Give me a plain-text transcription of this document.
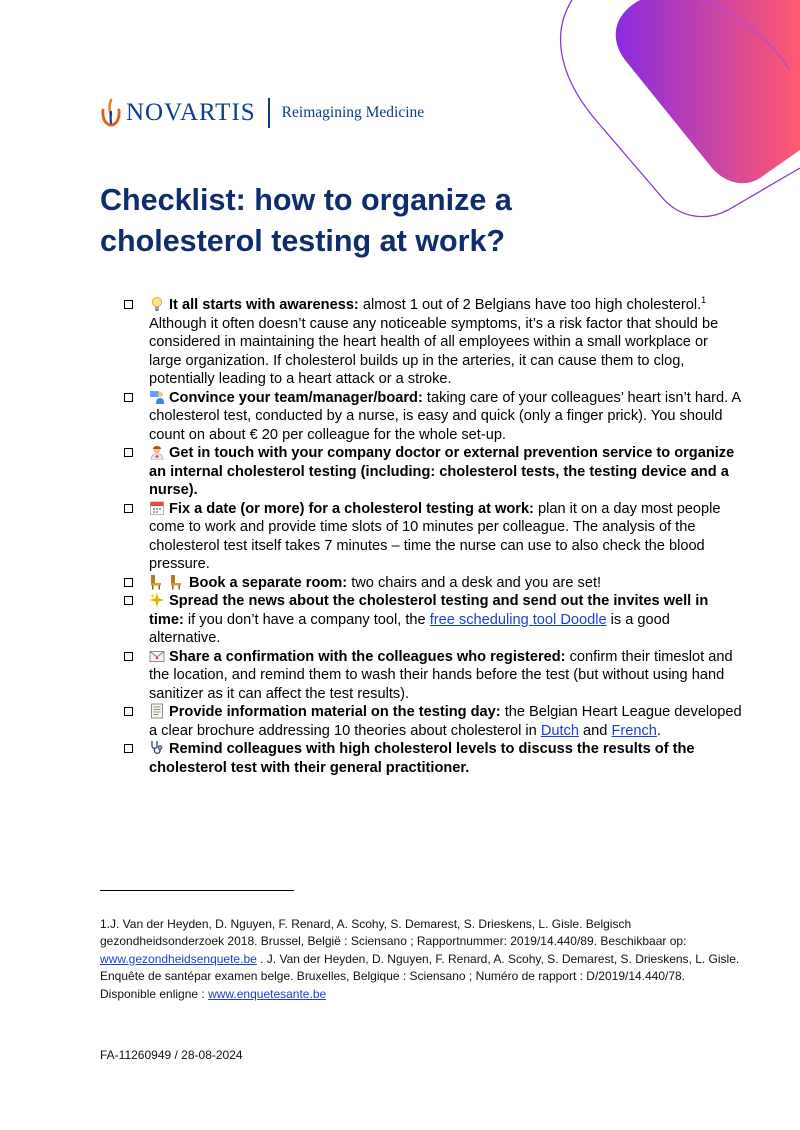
NOVARTIS Reimagining Medicine
Checklist: how to organize a cholesterol testing at work?
It all starts with awareness: almost 1 out of 2 Belgians have too high cholesterol.$^1$ Although it often doesn’t cause any noticeable symptoms, it’s a risk factor that should be considered in maintaining the heart health of all employees within a small workplace or large organization. If cholesterol builds up in the arteries, it can cause them to clog, potentially leading to a heart attack or a stroke.
Convince your team/manager/board: taking care of your colleagues’ heart isn’t hard. A cholesterol test, conducted by a nurse, is easy and quick (only a finger prick). You should count on about € 20 per colleague for the whole set-up.
Get in touch with your company doctor or external prevention service to organize an internal cholesterol testing (including: cholesterol tests, the testing device and a nurse).
Fix a date (or more) for a cholesterol testing at work: plan it on a day most people come to work and provide time slots of 10 minutes per colleague. The analysis of the cholesterol test itself takes 7 minutes – time the nurse can use to also check the blood pressure.
Book a separate room: two chairs and a desk and you are set!
Spread the news about the cholesterol testing and send out the invites well in time: if you don’t have a company tool, the free scheduling tool Doodle is a good alternative.
Share a confirmation with the colleagues who registered: confirm their timeslot and the location, and remind them to wash their hands before the test (but without using hand sanitizer as it can affect the test results).
Provide information material on the testing day: the Belgian Heart League developed a clear brochure addressing 10 theories about cholesterol in Dutch and French.
Remind colleagues with high cholesterol levels to discuss the results of the cholesterol test with their general practitioner.
1.J. Van der Heyden, D. Nguyen, F. Renard, A. Scohy, S. Demarest, S. Drieskens, L. Gisle. Belgisch gezondheidsonderzoek 2018. Brussel, België : Sciensano ; Rapportnummer: 2019/14.440/89. Beschikbaar op: www.gezondheidsenquete.be . J. Van der Heyden, D. Nguyen, F. Renard, A. Scohy, S. Demarest, S. Drieskens, L. Gisle. Enquête de santépar examen belge. Bruxelles, Belgique : Sciensano ; Numéro de rapport : D/2019/14.440/78. Disponible enligne : www.enquetesante.be
FA-11260949 / 28-08-2024
